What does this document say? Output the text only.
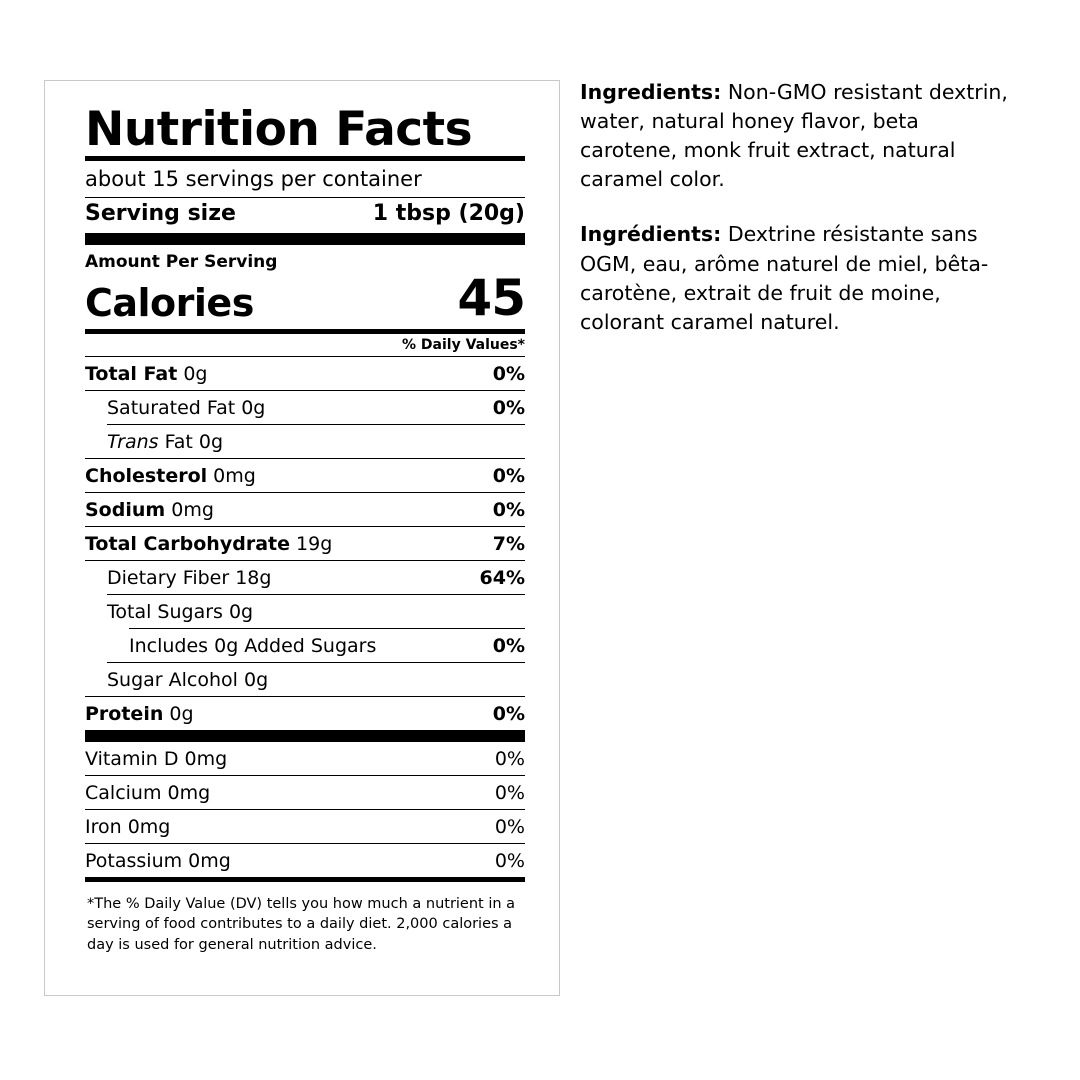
Nutrition Facts
about 15 servings per container
Serving size	1 tbsp (20g)
Amount Per Serving
Calories	45
% Daily Values*
Total Fat 0g	0%
Saturated Fat 0g	0%
Trans Fat 0g
Cholesterol 0mg	0%
Sodium 0mg	0%
Total Carbohydrate 19g	7%
Dietary Fiber 18g	64%
Total Sugars 0g
Includes 0g Added Sugars	0%
Sugar Alcohol 0g
Protein 0g	0%
Vitamin D 0mg	0%
Calcium 0mg	0%
Iron 0mg	0%
Potassium 0mg	0%
*The % Daily Value (DV) tells you how much a nutrient in a serving of food contributes to a daily diet. 2,000 calories a day is used for general nutrition advice.
Ingredients: Non-GMO resistant dextrin, water, natural honey flavor, beta carotene, monk fruit extract, natural caramel color.
Ingrédients: Dextrine résistante sans OGM, eau, arôme naturel de miel, bêta-carotène, extrait de fruit de moine, colorant caramel naturel.
